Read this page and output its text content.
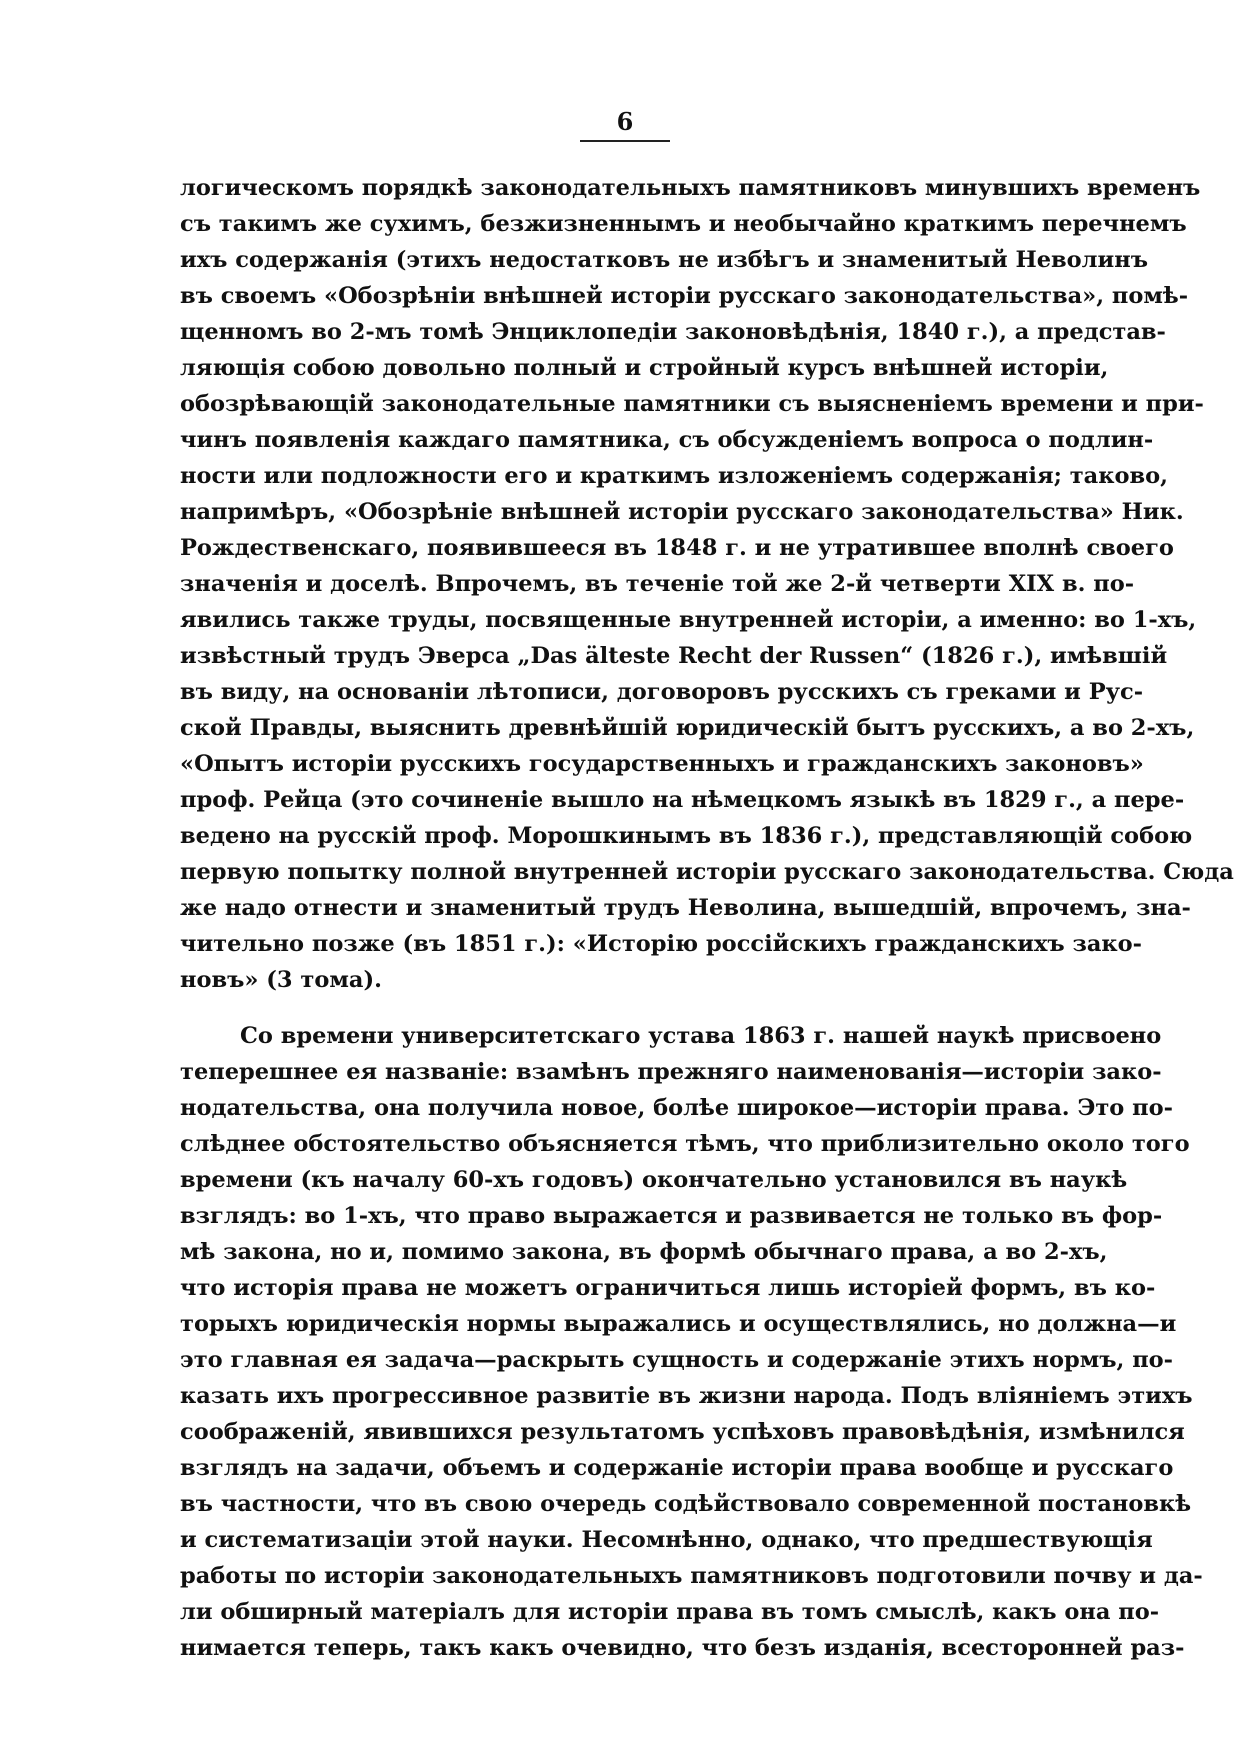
6
логическомъ порядкѣ законодательныхъ памятниковъ минувшихъ временъ
съ такимъ же сухимъ, безжизненнымъ и необычайно краткимъ перечнемъ
ихъ содержанія (этихъ недостатковъ не избѣгъ и знаменитый Неволинъ
въ своемъ «Обозрѣніи внѣшней исторіи русскаго законодательства», помѣ-
щенномъ во 2-мъ томѣ Энциклопедіи законовѣдѣнія, 1840 г.), а представ-
ляющія собою довольно полный и стройный курсъ внѣшней исторіи,
обозрѣвающій законодательные памятники съ выясненіемъ времени и при-
чинъ появленія каждаго памятника, съ обсужденіемъ вопроса о подлин-
ности или подложности его и краткимъ изложеніемъ содержанія; таково,
напримѣръ, «Обозрѣніе внѣшней исторіи русскаго законодательства» Ник.
Рождественскаго, появившееся въ 1848 г. и не утратившее вполнѣ своего
значенія и доселѣ. Впрочемъ, въ теченіе той же 2-й четверти XIX в. по-
явились также труды, посвященные внутренней исторіи, а именно: во 1-хъ,
извѣстный трудъ Эверса „Das älteste Recht der Russen“ (1826 г.), имѣвшій
въ виду, на основаніи лѣтописи, договоровъ русскихъ съ греками и Рус-
ской Правды, выяснить древнѣйшій юридическій бытъ русскихъ, а во 2-хъ,
«Опытъ исторіи русскихъ государственныхъ и гражданскихъ законовъ»
проф. Рейца (это сочиненіе вышло на нѣмецкомъ языкѣ въ 1829 г., а пере-
ведено на русскій проф. Морошкинымъ въ 1836 г.), представляющій собою
первую попытку полной внутренней исторіи русскаго законодательства. Сюда
же надо отнести и знаменитый трудъ Неволина, вышедшій, впрочемъ, зна-
чительно позже (въ 1851 г.): «Исторію россійскихъ гражданскихъ зако-
новъ» (3 тома).
Со времени университетскаго устава 1863 г. нашей наукѣ присвоено
теперешнее ея названіе: взамѣнъ прежняго наименованія—исторіи зако-
нодательства, она получила новое, болѣе широкое—исторіи права. Это по-
слѣднее обстоятельство объясняется тѣмъ, что приблизительно около того
времени (къ началу 60-хъ годовъ) окончательно установился въ наукѣ
взглядъ: во 1-хъ, что право выражается и развивается не только въ фор-
мѣ закона, но и, помимо закона, въ формѣ обычнаго права, а во 2-хъ,
что исторія права не можетъ ограничиться лишь исторіей формъ, въ ко-
торыхъ юридическія нормы выражались и осуществлялись, но должна—и
это главная ея задача—раскрыть сущность и содержаніе этихъ нормъ, по-
казать ихъ прогрессивное развитіе въ жизни народа. Подъ вліяніемъ этихъ
соображеній, явившихся результатомъ успѣховъ правовѣдѣнія, измѣнился
взглядъ на задачи, объемъ и содержаніе исторіи права вообще и русскаго
въ частности, что въ свою очередь содѣйствовало современной постановкѣ
и систематизаціи этой науки. Несомнѣнно, однако, что предшествующія
работы по исторіи законодательныхъ памятниковъ подготовили почву и да-
ли обширный матеріалъ для исторіи права въ томъ смыслѣ, какъ она по-
нимается теперь, такъ какъ очевидно, что безъ изданія, всесторонней раз-
